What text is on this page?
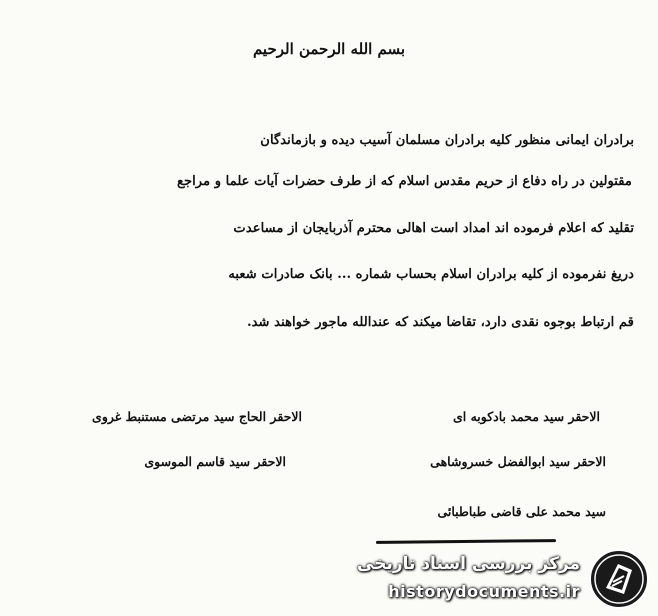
بسم الله الرحمن الرحیم
برادران ایمانی منظور کلیه برادران مسلمان آسیب دیده و بازماندگان
مقتولین در راه دفاع از حریم مقدس اسلام که از طرف حضرات آیات علما و مراجع
تقلید که اعلام فرموده اند امداد است اهالی محترم آذربایجان از مساعدت
دریغ نفرموده از کلیه برادران اسلام بحساب شماره ... بانک صادرات شعبه
قم ارتباط بوجوه نقدی دارد، تقاضا میکند که عندالله ماجور خواهند شد.
الاحقر سید محمد بادکوبه ای
الاحقر سید ابوالفضل خسروشاهی
سید محمد علی قاضی طباطبائی
الاحقر الحاج سید مرتضی مستنبط غروی
الاحقر سید قاسم الموسوی
مرکز بررسی اسناد تاریخی
historydocuments.ir
